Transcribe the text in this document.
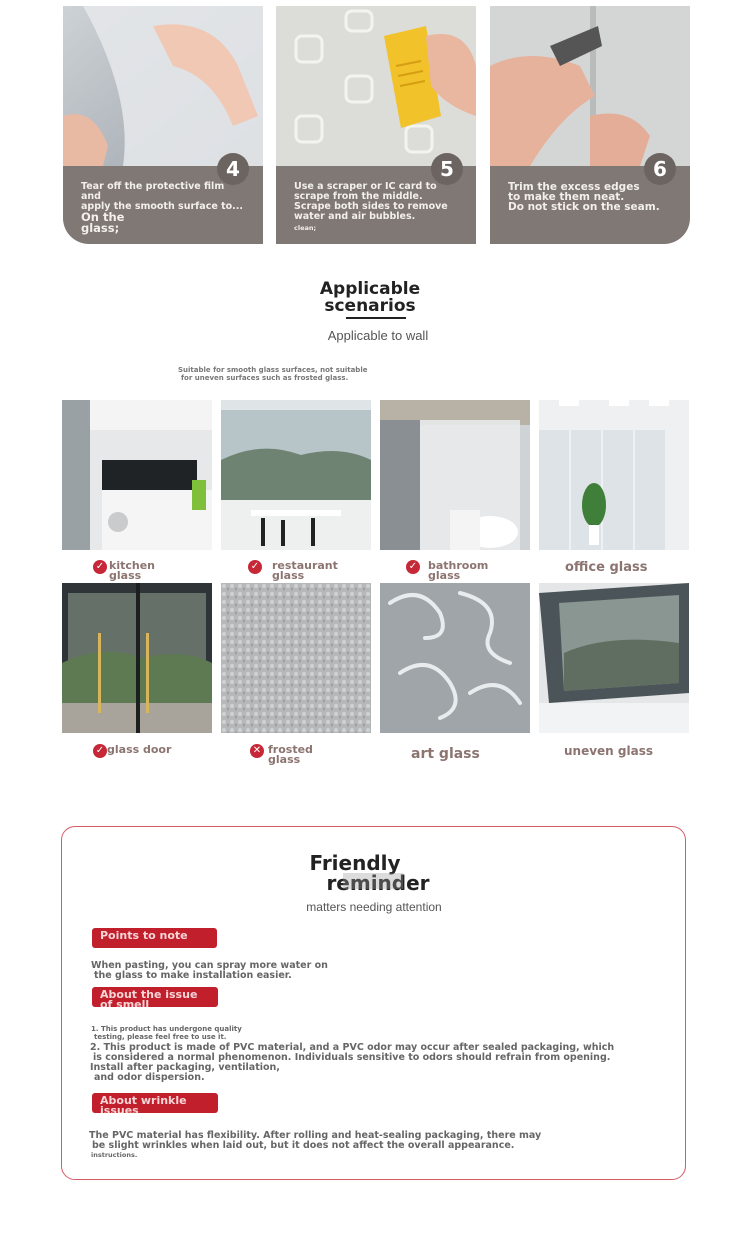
4
Tear off the protective film and
apply the smooth surface to...
On the glass;
5
Use a scraper or IC card to
scrape from the middle.
Scrape both sides to remove water and air bubbles.
clean;
6
Trim the excess edges
to make them neat.
Do not stick on the seam.
Applicable
scenarios
Applicable to wall
Suitable for smooth glass surfaces, not suitable
for uneven surfaces such as frosted glass.
✓ kitchen glass
✓	restaurant glass
✓ bathroom glass
office glass
✓ glass door	✕ frosted glass	art glass	uneven glass
Friendly
reminder
matters needing attention
Points to note
When pasting, you can spray more water on
the glass to make installation easier.
About the issue of smell
1. This product has undergone quality
testing, please feel free to use it.
2. This product is made of PVC material, and a PVC odor may occur after sealed packaging, which
is considered a normal phenomenon. Individuals sensitive to odors should refrain from opening.
Install after packaging, ventilation,
and odor dispersion.
About wrinkle issues
The PVC material has flexibility. After rolling and heat-sealing packaging, there may
be slight wrinkles when laid out, but it does not affect the overall appearance.
instructions.
